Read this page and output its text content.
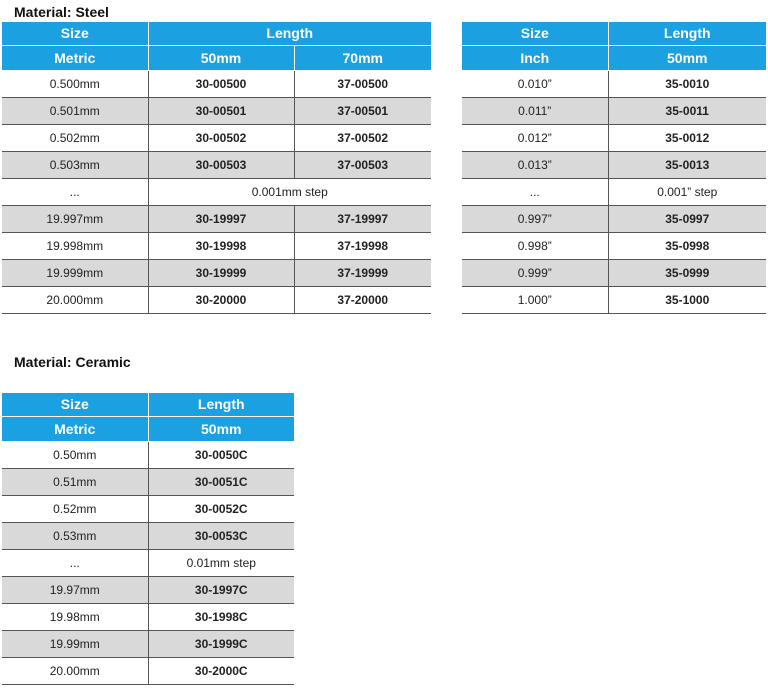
Material: Steel
Size	Length	
Metric	50mm	70mm
0.500mm	30-00500	37-00500
0.501mm	30-00501	37-00501
0.502mm	30-00502	37-00502
0.503mm	30-00503	37-00503
...	0.001mm step	
19.997mm	30-19997	37-19997
19.998mm	30-19998	37-19998
19.999mm	30-19999	37-19999
20.000mm	30-20000	37-20000
Size	Length
Inch	50mm
0.010”	35-0010
0.011”	35-0011
0.012”	35-0012
0.013”	35-0013
...	0.001” step
0.997”	35-0997
0.998”	35-0998
0.999”	35-0999
1.000”	35-1000
Material: Ceramic
Size	Length
Metric	50mm
0.50mm	30-0050C
0.51mm	30-0051C
0.52mm	30-0052C
0.53mm	30-0053C
...	0.01mm step
19.97mm	30-1997C
19.98mm	30-1998C
19.99mm	30-1999C
20.00mm	30-2000C
